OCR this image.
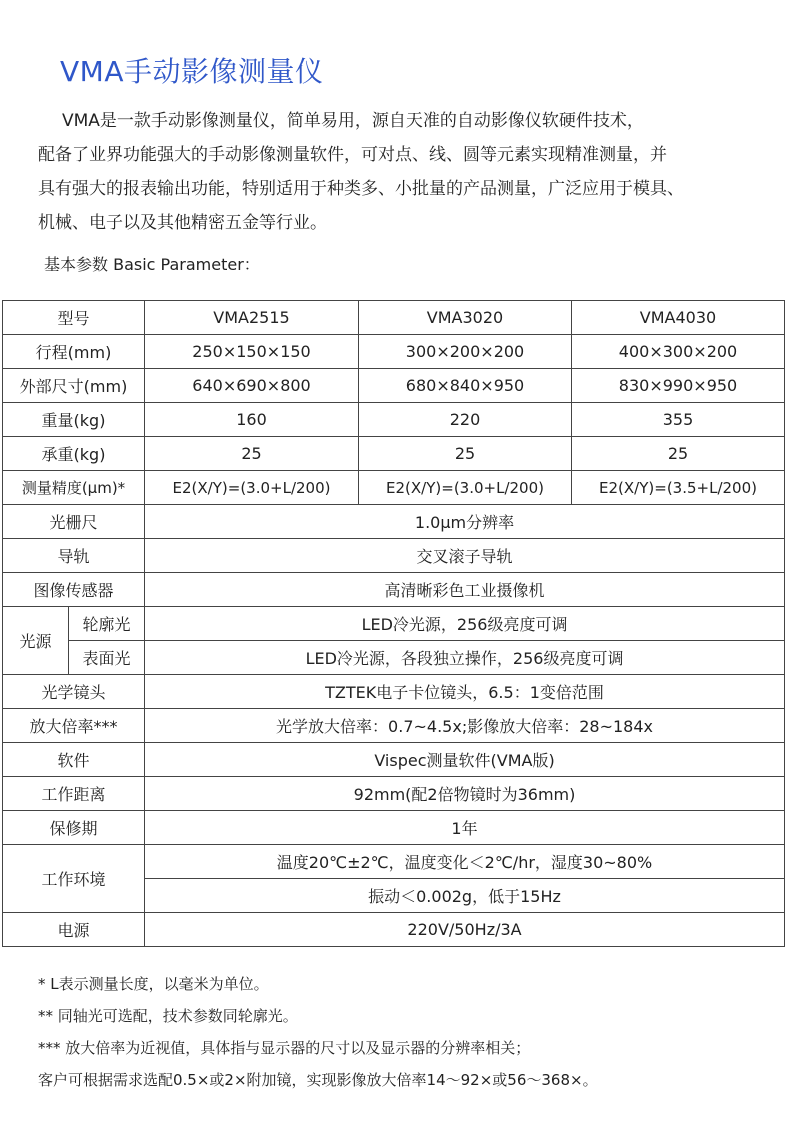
VMA手动影像测量仪

VMA是一款手动影像测量仪，简单易用，源自天准的自动影像仪软硬件技术，

配备了业界功能强大的手动影像测量软件，可对点、线、圆等元素实现精准测量，并

具有强大的报表输出功能，特别适用于种类多、小批量的产品测量，广泛应用于模具、

机械、电子以及其他精密五金等行业。

基本参数 Basic Parameter：
型号		VMA2515	VMA3020	VMA4030
行程(mm)		250×150×150	300×200×200	400×300×200
外部尺寸(mm)		640×690×800	680×840×950	830×990×950
重量(kg)		160	220	355
承重(kg)		25	25	25
测量精度(μm)*		E2(X/Y)=(3.0+L/200)	E2(X/Y)=(3.0+L/200)	E2(X/Y)=(3.5+L/200)
光栅尺		1.0μm分辨率		
导轨		交叉滚子导轨		
图像传感器		高清晰彩色工业摄像机		
光源	轮廓光	LED冷光源，256级亮度可调		
	表面光	LED冷光源，各段独立操作，256级亮度可调		
光学镜头		TZTEK电子卡位镜头，6.5：1变倍范围		
放大倍率***		光学放大倍率：0.7~4.5x;影像放大倍率：28~184x		
软件		Vispec测量软件(VMA版)		
工作距离		92mm(配2倍物镜时为36mm)		
保修期		1年		
工作环境		温度20℃±2℃，温度变化＜2℃/hr，湿度30~80%		
		振动＜0.002g，低于15Hz		
电源		220V/50Hz/3A		

* L表示测量长度，以毫米为单位。

** 同轴光可选配，技术参数同轮廓光。

*** 放大倍率为近视值，具体指与显示器的尺寸以及显示器的分辨率相关；

客户可根据需求选配0.5×或2×附加镜，实现影像放大倍率14～92×或56～368×。
